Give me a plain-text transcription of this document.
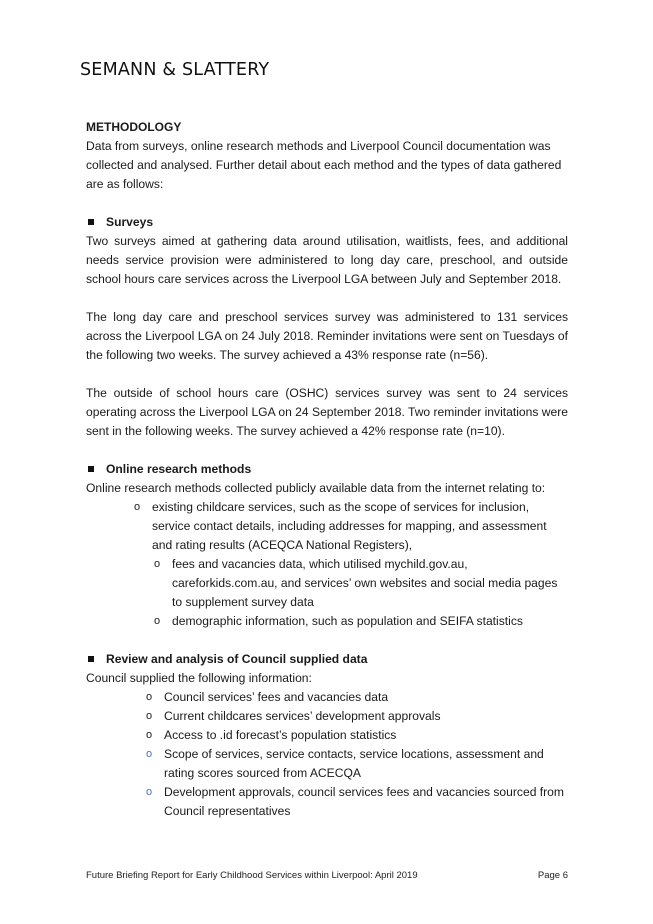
SEMANN & SLATTERY

METHODOLOGY

Data from surveys, online research methods and Liverpool Council documentation was collected and analysed. Further detail about each method and the types of data gathered are as follows:

Surveys

Two surveys aimed at gathering data around utilisation, waitlists, fees, and additional needs service provision were administered to long day care, preschool, and outside school hours care services across the Liverpool LGA between July and September 2018.

The long day care and preschool services survey was administered to 131 services across the Liverpool LGA on 24 July 2018. Reminder invitations were sent on Tuesdays of the following two weeks. The survey achieved a 43% response rate (n=56).

The outside of school hours care (OSHC) services survey was sent to 24 services operating across the Liverpool LGA on 24 September 2018. Two reminder invitations were sent in the following weeks. The survey achieved a 42% response rate (n=10).

Online research methods

Online research methods collected publicly available data from the internet relating to:

o existing childcare services, such as the scope of services for inclusion, service contact details, including addresses for mapping, and assessment and rating results (ACEQCA National Registers),
o fees and vacancies data, which utilised mychild.gov.au, careforkids.com.au, and services’ own websites and social media pages to supplement survey data
o demographic information, such as population and SEIFA statistics
Review and analysis of Council supplied data

Council supplied the following information:

o Council services’ fees and vacancies data
o Current childcares services’ development approvals
o Access to .id forecast’s population statistics
o Scope of services, service contacts, service locations, assessment and rating scores sourced from ACECQA
o Development approvals, council services fees and vacancies sourced from Council representatives
Future Briefing Report for Early Childhood Services within Liverpool: April 2019	Page 6
